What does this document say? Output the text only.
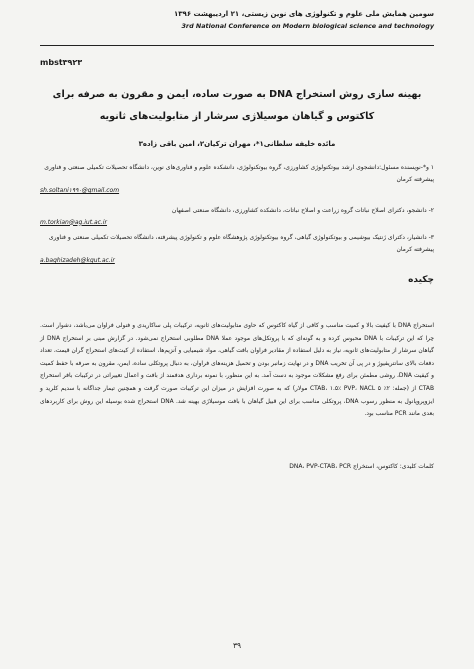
سومین همایش ملی علوم و تکنولوژی های نوین زیستی، ۲۱ اردیبهشت ۱۳۹۶
3rd National Conference on Modern biological science and technology
mbst۳۹۲۳
بهینه سازی روش استخراج DNA به صورت ساده، ایمن و مقرون به صرفه برای کاکتوس و گیاهان موسیلاژی سرشار از متابولیت‌های ثانویه
مائده خلیفه سلطانی۱*، مهران ترکیان۲، امین باقی زاده۳

۱ و*-نویسنده مسئول:دانشجوی ارشد بیوتکنولوژی کشاورزی، گروه بیوتکنولوژی، دانشکده علوم و فناوری‌های نوین، دانشگاه تحصیلات تکمیلی صنعتی و فناوری پیشرفته کرمان

sh.soltani۱۹۹۰@gmail.com

۲- دانشجو، دکترای اصلاح نباتات گروه زراعت و اصلاح نباتات، دانشکده کشاورزی، دانشگاه صنعتی اصفهان

m.torkian@ag.iut.ac.ir

۳- دانشیار، دکترای ژنتیک بیوشیمی و بیوتکنولوژی گیاهی، گروه بیوتکنولوژی پژوهشگاه علوم و تکنولوژی پیشرفته، دانشگاه تحصیلات تکمیلی صنعتی و فناوری پیشرفته کرمان

a.baghizadeh@kgut.ac.ir

چکیده
استخراج DNA با کیفیت بالا و کمیت مناسب و کافی از گیاه کاکتوس که حاوی متابولیت‌های ثانویه، ترکیبات پلی ساکاریدی و فنولی فراوان می‌باشد، دشوار است. چرا که این ترکیبات با DNA محبوس کرده و به گونه‌ای که با پروتکل‌های موجود عملا DNA مطلوبی استخراج نمی‌شود. در گزارش مبنی بر استخراج DNA از گیاهان سرشار از متابولیت‌های ثانویه، نیاز به دلیل استفاده از مقادیر فراوان بافت گیاهی، مواد شیمیایی و آنزیم‌ها، استفاده از کیت‌های استخراج گران قیمت، تعداد دفعات بالای سانتریفیوژ و در پی آن تخریب DNA و در نهایت زمانبر بودن و تحمیل هزینه‌های فراوان، به دنبال پروتکلی ساده، ایمن، مقرون به صرفه با حفظ کمیت و کیفیت DNA، روشی مطمئن برای رفع مشکلات موجود به دست آمد. به این منظور، با نمونه برداری هدفمند از بافت و اعمال تغییراتی در ترکیبات بافر استخراج CTAB از (جمله: ۲٪ CTAB، ۱.۵٪ PVP، NACL ۵ مولار) که به صورت افزایش در میزان این ترکیبات صورت گرفت و همچنین تیمار جداگانه با سدیم کلرید و ایزوپروپانول به منظور رسوب DNA، پروتکلی مناسب برای این قبیل گیاهان با بافت موسیلاژی بهینه شد. DNA استخراج شده بوسیله این روش برای کاربردهای بعدی مانند PCR مناسب بود.
کلمات کلیدی: کاکتوس، استخراج DNA، PVP-CTAB، PCR
۳۹
